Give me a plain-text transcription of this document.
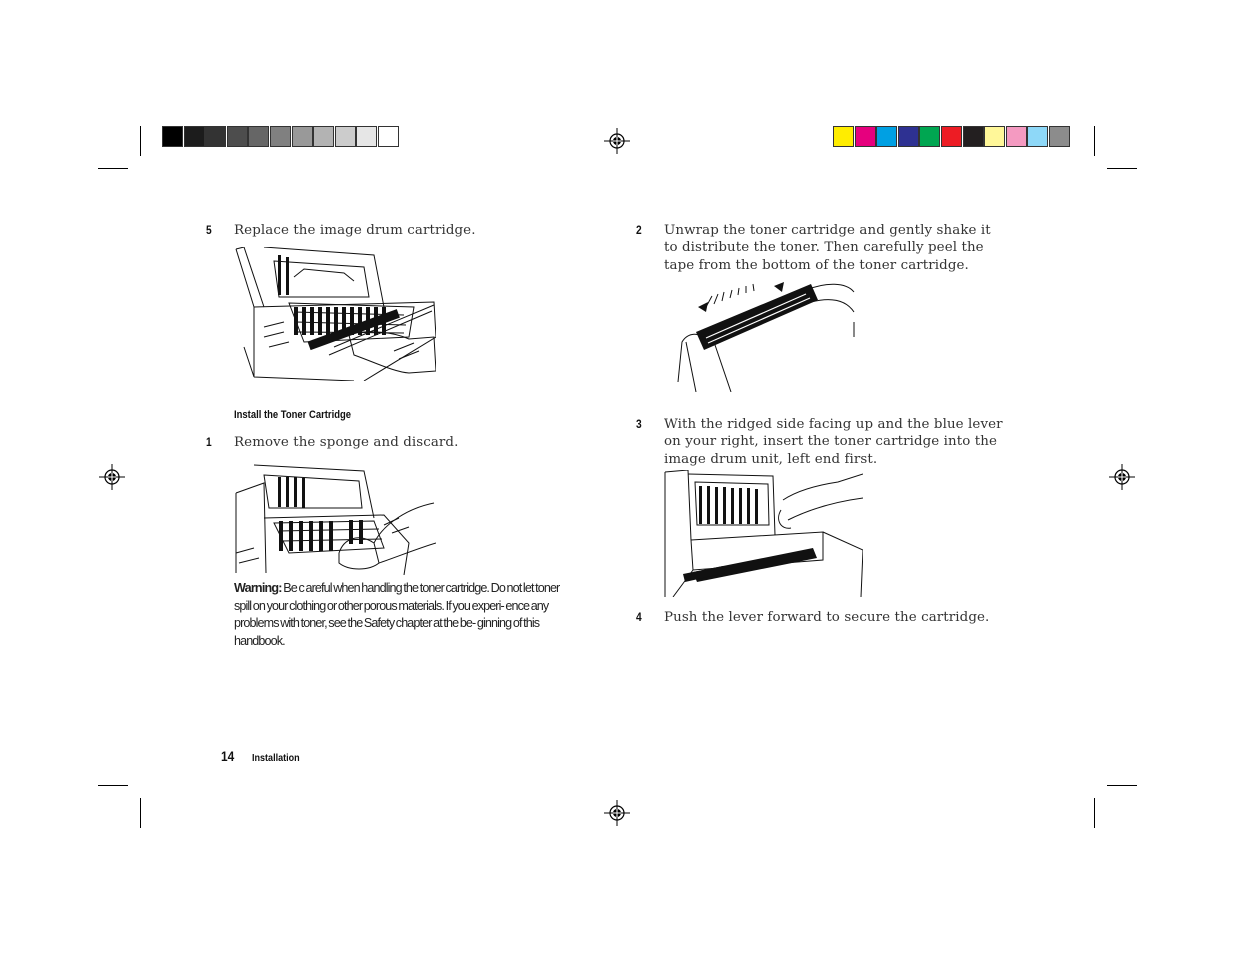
5 Replace the image drum cartridge.
Install the Toner Cartridge
1 Remove the sponge and discard.
Warning: Be c areful when handling the toner cartridge. Do not let toner spill on your clothing or other porous materials. If you experi- ence any problems with toner, see the Safety chapter at the be- ginning of this handbook.
2 Unwrap the toner cartridge and gently shake it to distribute the toner. Then carefully peel the tape from the bottom of the toner cartridge.
3 With the ridged side facing up and the blue lever on your right, insert the toner cartridge into the image drum unit, left end first.
4 Push the lever forward to secure the cartridge.
14 Installation
